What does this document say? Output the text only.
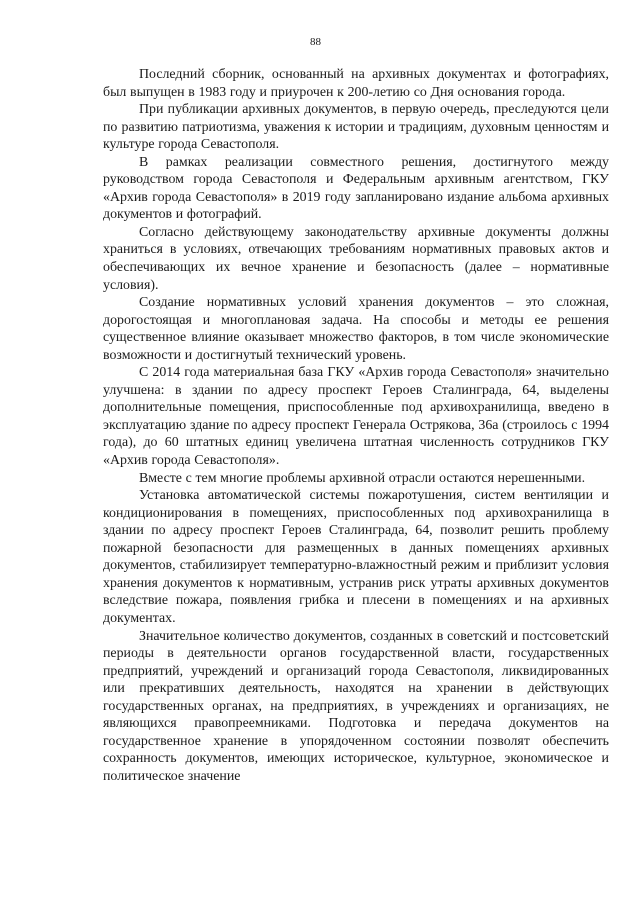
88

Последний сборник, основанный на архивных документах и фотографиях, был выпущен в 1983 году и приурочен к 200-летию со Дня основания города.

При публикации архивных документов, в первую очередь, преследуются цели по развитию патриотизма, уважения к истории и традициям, духовным ценностям и культуре города Севастополя.

В рамках реализации совместного решения, достигнутого между руководством города Севастополя и Федеральным архивным агентством, ГКУ «Архив города Севастополя» в 2019 году запланировано издание альбома архивных документов и фотографий.

Согласно действующему законодательству архивные документы должны храниться в условиях, отвечающих требованиям нормативных правовых актов и обеспечивающих их вечное хранение и безопасность (далее – нормативные условия).

Создание нормативных условий хранения документов – это сложная, дорогостоящая и многоплановая задача. На способы и методы ее решения существенное влияние оказывает множество факторов, в том числе экономические возможности и достигнутый технический уровень.

С 2014 года материальная база ГКУ «Архив города Севастополя» значительно улучшена: в здании по адресу проспект Героев Сталинграда, 64, выделены дополнительные помещения, приспособленные под архивохранилища, введено в эксплуатацию здание по адресу проспект Генерала Острякова, 36а (строилось с 1994 года), до 60 штатных единиц увеличена штатная численность сотрудников ГКУ «Архив города Севастополя».

Вместе с тем многие проблемы архивной отрасли остаются нерешенными.

Установка автоматической системы пожаротушения, систем вентиляции и кондиционирования в помещениях, приспособленных под архивохранилища в здании по адресу проспект Героев Сталинграда, 64, позволит решить проблему пожарной безопасности для размещенных в данных помещениях архивных документов, стабилизирует температурно-влажностный режим и приблизит условия хранения документов к нормативным, устранив риск утраты архивных документов вследствие пожара, появления грибка и плесени в помещениях и на архивных документах.

Значительное количество документов, созданных в советский и постсоветский периоды в деятельности органов государственной власти, государственных предприятий, учреждений и организаций города Севастополя, ликвидированных или прекративших деятельность, находятся на хранении в действующих государственных органах, на предприятиях, в учреждениях и организациях, не являющихся правопреемниками. Подготовка и передача документов на государственное хранение в упорядоченном состоянии позволят обеспечить сохранность документов, имеющих историческое, культурное, экономическое и политическое значение
